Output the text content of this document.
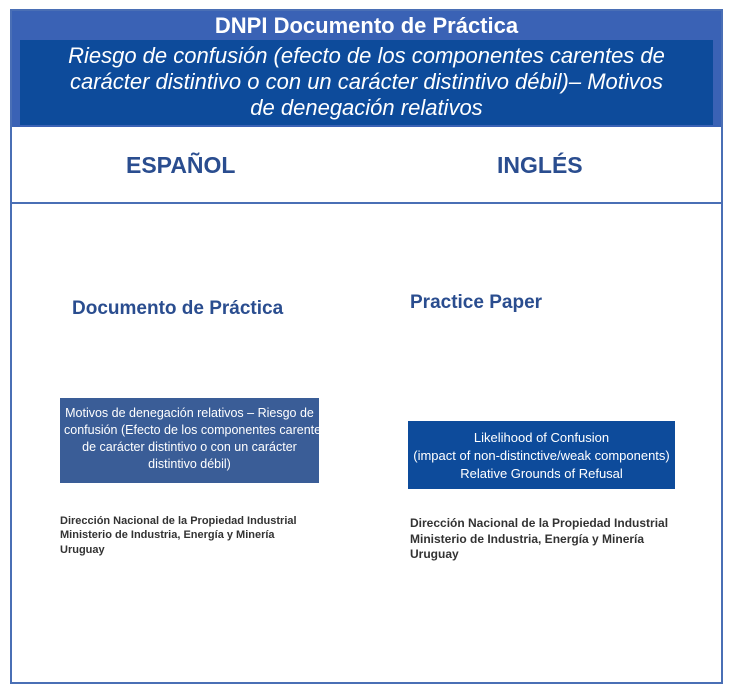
DNPI Documento de Práctica
Riesgo de confusión (efecto de los componentes carentes de
carácter distintivo o con un carácter distintivo débil)– Motivos
de denegación relativos
ESPAÑOL	INGLÉS
Documento de Práctica	Practice Paper
Motivos de denegación relativos – Riesgo de
confusión (Efecto de los componentes carentes
de carácter distintivo o con un carácter
distintivo débil)
Likelihood of Confusion
(impact of non-distinctive/weak components)
Relative Grounds of Refusal
Dirección Nacional de la Propiedad Industrial
Ministerio de Industria, Energía y Minería
Uruguay
Dirección Nacional de la Propiedad Industrial
Ministerio de Industria, Energía y Minería
Uruguay
